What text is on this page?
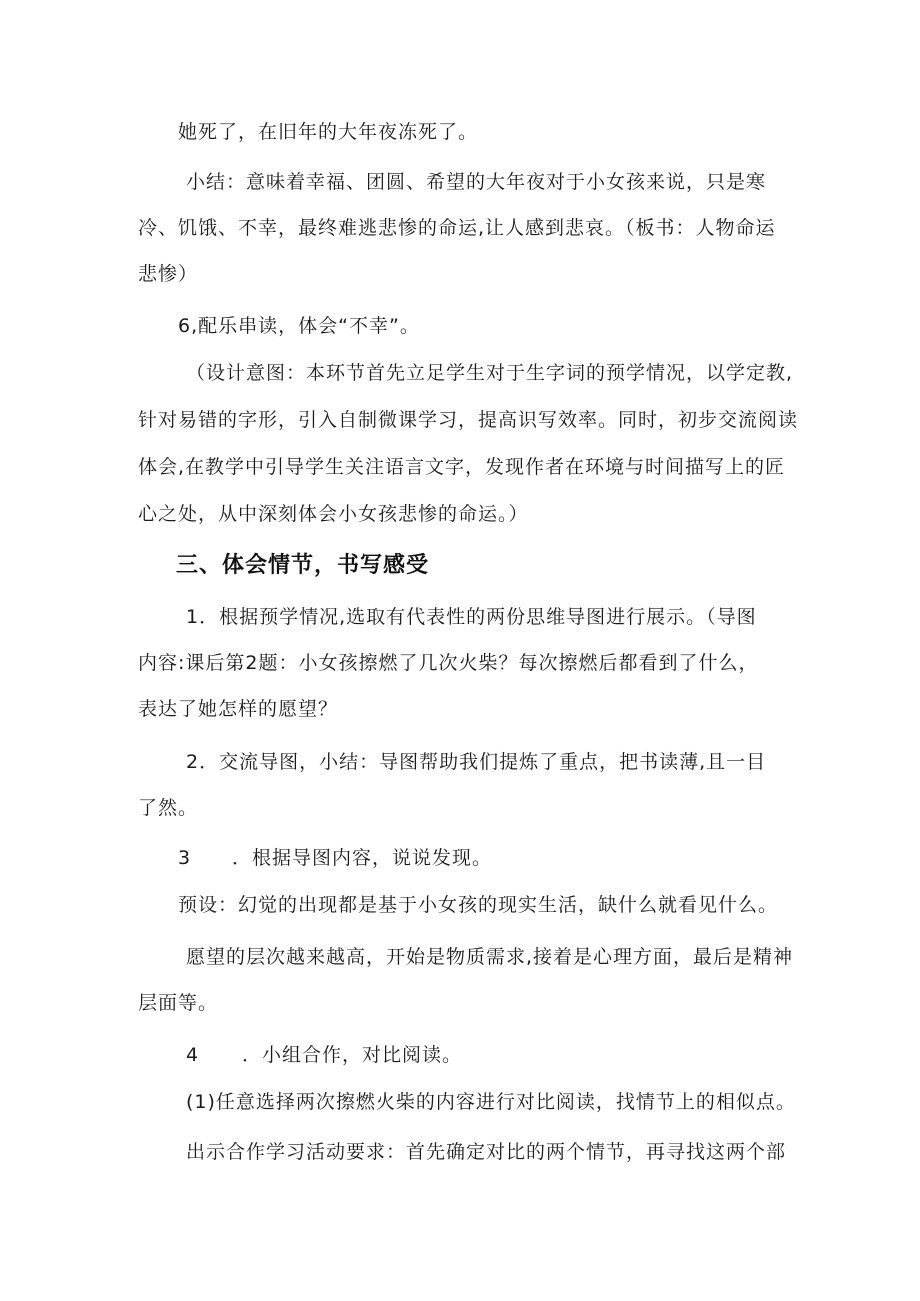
她死了，在旧年的大年夜冻死了。
小结：意味着幸福、团圆、希望的大年夜对于小女孩来说，只是寒
冷、饥饿、不幸，最终难逃悲惨的命运,让人感到悲哀。（板书：人物命运
悲惨）
6,配乐串读，体会“不幸”。
（设计意图：本环节首先立足学生对于生字词的预学情况，以学定教,
针对易错的字形，引入自制微课学习，提高识写效率。同时，初步交流阅读
体会,在教学中引导学生关注语言文字，发现作者在环境与时间描写上的匠
心之处，从中深刻体会小女孩悲惨的命运。）
三、体会情节，书写感受
1．根据预学情况,选取有代表性的两份思维导图进行展示。（导图
内容:课后第2题：小女孩擦燃了几次火柴？每次擦燃后都看到了什么，
表达了她怎样的愿望？
2．交流导图，小结：导图帮助我们提炼了重点，把书读薄,且一目
了然。
3 ．根据导图内容，说说发现。
预设：幻觉的出现都是基于小女孩的现实生活，缺什么就看见什么。
愿望的层次越来越高，开始是物质需求,接着是心理方面，最后是精神
层面等。
4 ．小组合作，对比阅读。
(1)任意选择两次擦燃火柴的内容进行对比阅读，找情节上的相似点。
出示合作学习活动要求：首先确定对比的两个情节，再寻找这两个部
